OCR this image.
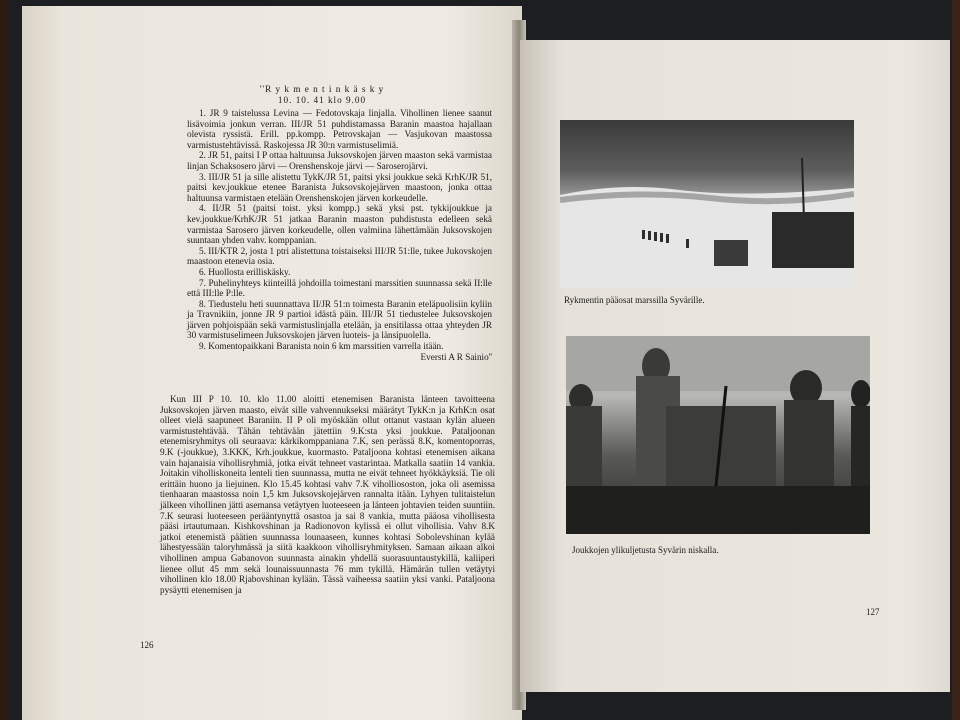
''R y k m e n t i n k ä s k y
10. 10. 41 klo 9.00

1. JR 9 taistelussa Levina — Fedotovskaja linjalla. Vihollinen lienee saanut lisävoimia jonkun verran. III/JR 51 puhdistamassa Baranin maastoa hajallaan olevista ryssistä. Erill. pp.kompp. Petrovskajan — Vasjukovan maastossa varmistustehtävissä. Raskojessa JR 30:n varmistuselimiä.

2. JR 51, paitsi I P ottaa haltuunsa Juksovskojen järven maaston sekä varmistaa linjan Schaksosero järvi — Orenshenskoje järvi — Saroserojärvi.

3. III/JR 51 ja sille alistettu TykK/JR 51, paitsi yksi joukkue sekä KrhK/JR 51, paitsi kev.joukkue etenee Baranista Juksovskojejärven maastoon, jonka ottaa haltuunsa varmistaen etelään Orenshenskojen järven korkeudelle.

4. II/JR 51 (paitsi toist. yksi kompp.) sekä yksi pst. tykkijoukkue ja kev.joukkue/KrhK/JR 51 jatkaa Baranin maaston puhdistusta edelleen sekä varmistaa Sarosero järven korkeudelle, ollen valmiina lähettämään Juksovskojen suuntaan yhden vahv. komppanian.

5. III/KTR 2, josta 1 ptri alistettuna toistaiseksi III/JR 51:lle, tukee Jukovskojen maastoon etenevia osia.

6. Huollosta erilliskäsky.

7. Puhelinyhteys kiinteillä johdoilla toimestani marssitien suunnassa sekä II:lle että III:lle P:lle.

8. Tiedustelu heti suunnattava II/JR 51:n toimesta Baranin eteläpuolisiin kyliin ja Travnikiin, jonne JR 9 partioi idästä päin. III/JR 51 tiedustelee Juksovskojen järven pohjoispään sekä varmistuslinjalla etelään, ja ensitilassa ottaa yhteyden JR 30 varmistuselimeen Juksovskojen järven luoteis- ja länsipuolella.

9. Komentopaikkani Baranista noin 6 km marssitien varrella itään.

Eversti A R Sainio''

Kun III P 10. 10. klo 11.00 aloitti etenemisen Baranista länteen tavoitteena Juksovskojen järven maasto, eivät sille vahvennukseksi määrätyt TykK:n ja KrhK:n osat olleet vielä saapuneet Baraniin. II P oli myöskään ollut ottanut vastaan kylän alueen varmistustehtävää. Tähän tehtävään jätettiin 9.K:sta yksi joukkue. Pataljoonan etenemisryhmitys oli seuraava: kärkikomppaniana 7.K, sen perässä 8.K, komentoporras, 9.K (-joukkue), 3.KKK, Krh.joukkue, kuormasto. Pataljoona kohtasi etenemisen aikana vain hajanaisia vihollisryhmiä, jotka eivät tehneet vastarintaa. Matkalla saatiin 14 vankia. Joitakin viholliskoneita lenteli tien suunnassa, mutta ne eivät tehneet hyökkäyksiä. Tie oli erittäin huono ja liejuinen. Klo 15.45 kohtasi vahv 7.K viholliososton, joka oli asemissa tienhaaran maastossa noin 1,5 km Juksovskojejärven rannalta itään. Lyhyen tulitaistelun jälkeen vihollinen jätti asemansa vetäytyen luoteeseen ja länteen johtavien teiden suuntiin. 7.K seurasi luoteeseen perääntynyttä osastoa ja sai 8 vankia, mutta pääosa vihollisesta pääsi irtautumaan. Kishkovshinan ja Radionovon kylissä ei ollut vihollisia. Vahv 8.K jatkoi etenemistä päätien suunnassa lounaaseen, kunnes kohtasi Sobolevshinan kylää lähestyessään taloryhmässä ja siitä kaakkoon vihollisryhmityksen. Samaan aikaan alkoi vihollinen ampua Gabanovon suunnasta ainakin yhdellä suorasuuntaustykillä, kaliiperi lienee ollut 45 mm sekä lounaissuunnasta 76 mm tykillä. Hämärän tullen vetäytyi vihollinen klo 18.00 Rjabovshinan kylään. Tässä vaiheessa saatiin yksi vanki. Pataljoona pysäytti etenemisen ja

126
Rykmentin pääosat marssilla Syvärille.
Joukkojen ylikuljetusta Syvärin niskalla.
127
